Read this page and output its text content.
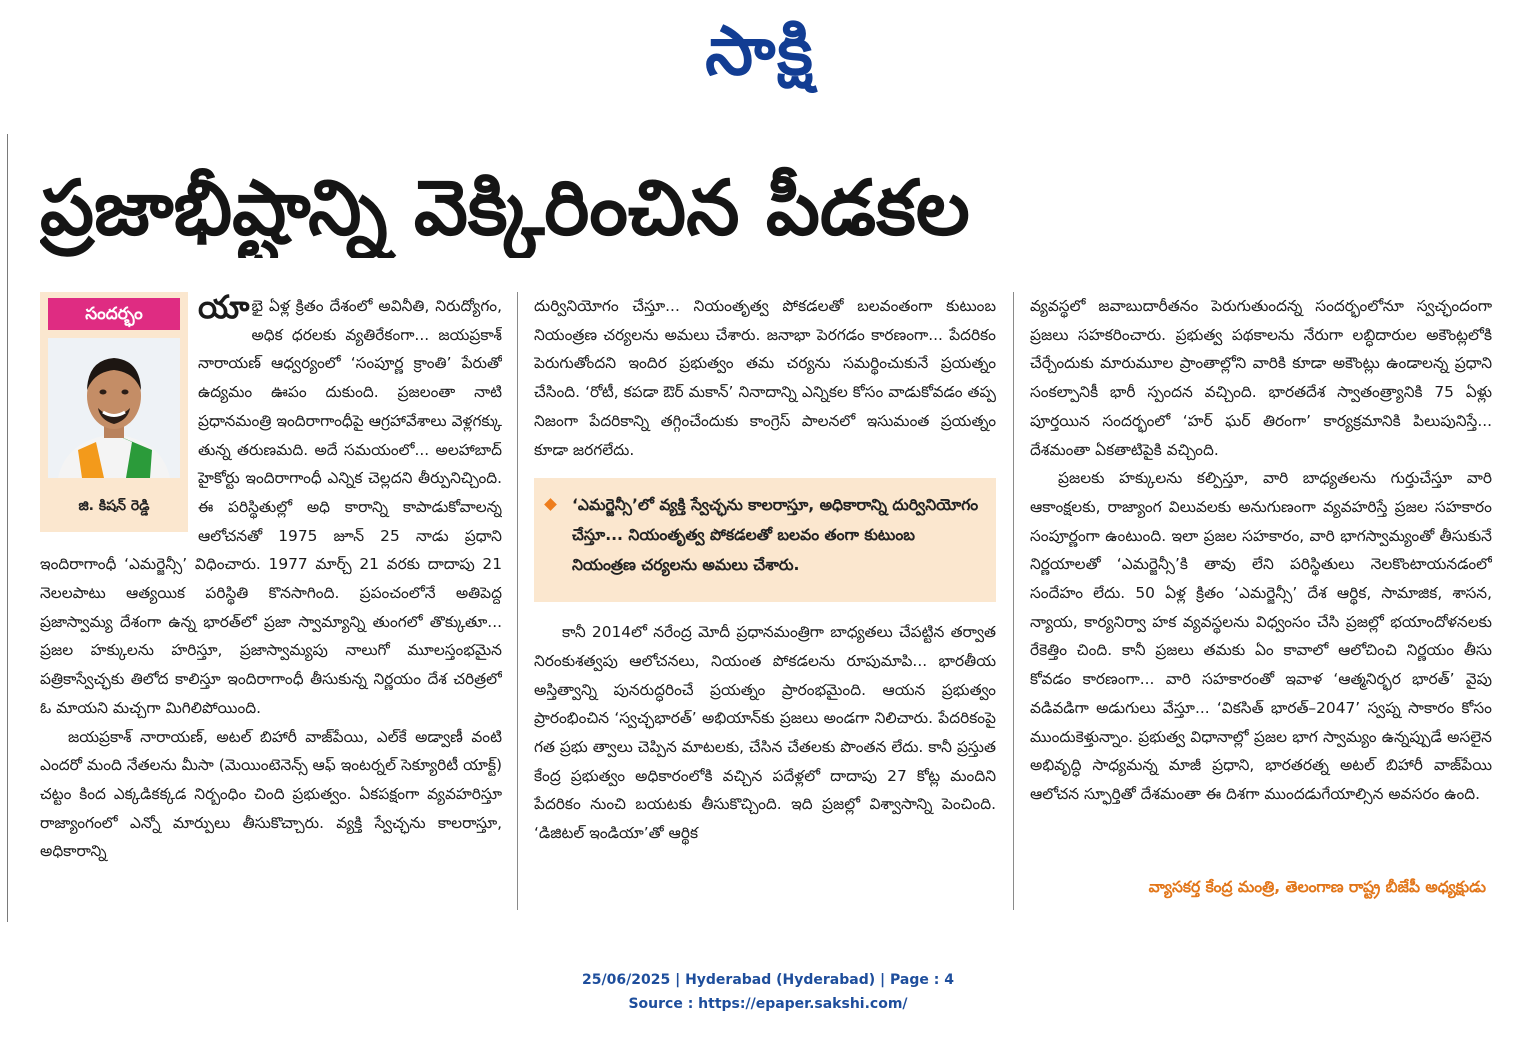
సాక్షి
ప్రజాభీష్టాన్ని వెక్కిరించిన పీడకల
సందర్భం
జి. కిషన్ రెడ్డి

యాభై ఏళ్ల క్రితం దేశంలో అవినీతి, నిరుద్యోగం, అధిక ధరలకు వ్యతిరేకంగా... జయప్రకాశ్ నారాయణ్ ఆధ్వర్యంలో ‘సంపూర్ణ క్రాంతి’ పేరుతో ఉద్యమం ఊపం దుకుంది. ప్రజలంతా నాటి ప్రధానమంత్రి ఇందిరాగాంధీపై ఆగ్రహావేశాలు వెళ్లగక్కు తున్న తరుణమది. అదే సమయంలో... అలహాబాద్ హైకోర్టు ఇందిరాగాంధీ ఎన్నిక చెల్లదని తీర్పునిచ్చింది. ఈ పరిస్థితుల్లో అధి కారాన్ని కాపాడుకోవాలన్న ఆలోచనతో 1975 జూన్ 25 నాడు ప్రధాని ఇందిరాగాంధీ ‘ఎమర్జెన్సీ’ విధించారు. 1977 మార్చ్ 21 వరకు దాదాపు 21 నెలలపాటు ఆత్యయిక పరిస్థితి కొనసాగింది. ప్రపంచంలోనే అతిపెద్ద ప్రజాస్వామ్య దేశంగా ఉన్న భారత్‌లో ప్రజా స్వామ్యాన్ని తుంగలో తొక్కుతూ... ప్రజల హక్కులను హరిస్తూ, ప్రజాస్వామ్యపు నాలుగో మూలస్తంభమైన పత్రికాస్వేచ్ఛకు తిలోద కాలిస్తూ ఇందిరాగాంధీ తీసుకున్న నిర్ణయం దేశ చరిత్రలో ఓ మాయని మచ్చగా మిగిలిపోయింది.

జయప్రకాశ్ నారాయణ్, అటల్ బిహారీ వాజ్‌పేయి, ఎల్‌కే అడ్వాణీ వంటి ఎందరో మంది నేతలను మీసా (మెయింటెనెన్స్ ఆఫ్ ఇంటర్నల్ సెక్యూరిటీ యాక్ట్) చట్టం కింద ఎక్కడికక్కడ నిర్బంధిం చింది ప్రభుత్వం. ఏకపక్షంగా వ్యవహరిస్తూ రాజ్యాంగంలో ఎన్నో మార్పులు తీసుకొచ్చారు. వ్యక్తి స్వేచ్ఛను కాలరాస్తూ, అధికారాన్ని

దుర్వినియోగం చేస్తూ... నియంతృత్వ పోకడలతో బలవంతంగా కుటుంబ నియంత్రణ చర్యలను అమలు చేశారు. జనాభా పెరగడం కారణంగా... పేదరికం పెరుగుతోందని ఇందిర ప్రభుత్వం తమ చర్యను సమర్థించుకునే ప్రయత్నం చేసింది. ‘రోటీ, కపడా ఔర్ మకాన్’ నినాదాన్ని ఎన్నికల కోసం వాడుకోవడం తప్ప నిజంగా పేదరికాన్ని తగ్గించేందుకు కాంగ్రెస్ పాలనలో ఇసుమంత ప్రయత్నం కూడా జరగలేదు.

‘ఎమర్జెన్సీ’లో వ్యక్తి స్వేచ్ఛను కాలరాస్తూ, అధికారాన్ని దుర్వినియోగం చేస్తూ... నియంతృత్వ పోకడలతో బలవం తంగా కుటుంబ నియంత్రణ చర్యలను అమలు చేశారు.

కానీ 2014లో నరేంద్ర మోదీ ప్రధానమంత్రిగా బాధ్యతలు చేపట్టిన తర్వాత నిరంకుశత్వపు ఆలోచనలు, నియంత పోకడలను రూపుమాపి... భారతీయ అస్తిత్వాన్ని పునరుద్ధరించే ప్రయత్నం ప్రారంభమైంది. ఆయన ప్రభుత్వం ప్రారంభించిన ‘స్వచ్ఛభారత్’ అభియాన్‌కు ప్రజలు అండగా నిలిచారు. పేదరికంపై గత ప్రభు త్వాలు చెప్పిన మాటలకు, చేసిన చేతలకు పొంతన లేదు. కానీ ప్రస్తుత కేంద్ర ప్రభుత్వం అధికారంలోకి వచ్చిన పదేళ్లలో దాదాపు 27 కోట్ల మందిని పేదరికం నుంచి బయటకు తీసుకొచ్చింది. ఇది ప్రజల్లో విశ్వాసాన్ని పెంచింది. ‘డిజిటల్ ఇండియా’తో ఆర్థిక

వ్యవస్థలో జవాబుదారీతనం పెరుగుతుందన్న సందర్భంలోనూ స్వచ్ఛందంగా ప్రజలు సహకరించారు. ప్రభుత్వ పథకాలను నేరుగా లబ్ధిదారుల అకౌంట్లలోకి చేర్చేందుకు మారుమూల ప్రాంతాల్లోని వారికి కూడా అకౌంట్లు ఉండాలన్న ప్రధాని సంకల్పానికీ భారీ స్పందన వచ్చింది. భారతదేశ స్వాతంత్ర్యానికి 75 ఏళ్లు పూర్తయిన సందర్భంలో ‘హర్ ఘర్ తిరంగా’ కార్యక్రమానికి పిలుపునిస్తే... దేశమంతా ఏకతాటిపైకి వచ్చింది.

ప్రజలకు హక్కులను కల్పిస్తూ, వారి బాధ్యతలను గుర్తుచేస్తూ వారి ఆకాంక్షలకు, రాజ్యాంగ విలువలకు అనుగుణంగా వ్యవహరిస్తే ప్రజల సహకారం సంపూర్ణంగా ఉంటుంది. ఇలా ప్రజల సహకారం, వారి భాగస్వామ్యంతో తీసుకునే నిర్ణయాలతో ‘ఎమర్జెన్సీ’కి తావు లేని పరిస్థితులు నెలకొంటాయనడంలో సందేహం లేదు. 50 ఏళ్ల క్రితం ‘ఎమర్జెన్సీ’ దేశ ఆర్థిక, సామాజిక, శాసన, న్యాయ, కార్యనిర్వా హక వ్యవస్థలను విధ్వంసం చేసి ప్రజల్లో భయాందోళనలకు రేకెత్తిం చింది. కానీ ప్రజలు తమకు ఏం కావాలో ఆలోచించి నిర్ణయం తీసు కోవడం కారణంగా... వారి సహకారంతో ఇవాళ ‘ఆత్మనిర్భర భారత్’ వైపు వడివడిగా అడుగులు వేస్తూ... ‘వికసిత్ భారత్–2047’ స్వప్న సాకారం కోసం ముందుకెళ్తున్నాం. ప్రభుత్వ విధానాల్లో ప్రజల భాగ స్వామ్యం ఉన్నప్పుడే అసలైన అభివృద్ధి సాధ్యమన్న మాజీ ప్రధాని, భారతరత్న అటల్ బిహారీ వాజ్‌పేయి ఆలోచన స్ఫూర్తితో దేశమంతా ఈ దిశగా ముందడుగేయాల్సిన అవసరం ఉంది.

వ్యాసకర్త కేంద్ర మంత్రి, తెలంగాణ రాష్ట్ర బీజేపీ అధ్యక్షుడు
25/06/2025 | Hyderabad (Hyderabad) | Page : 4
Source : https://epaper.sakshi.com/
